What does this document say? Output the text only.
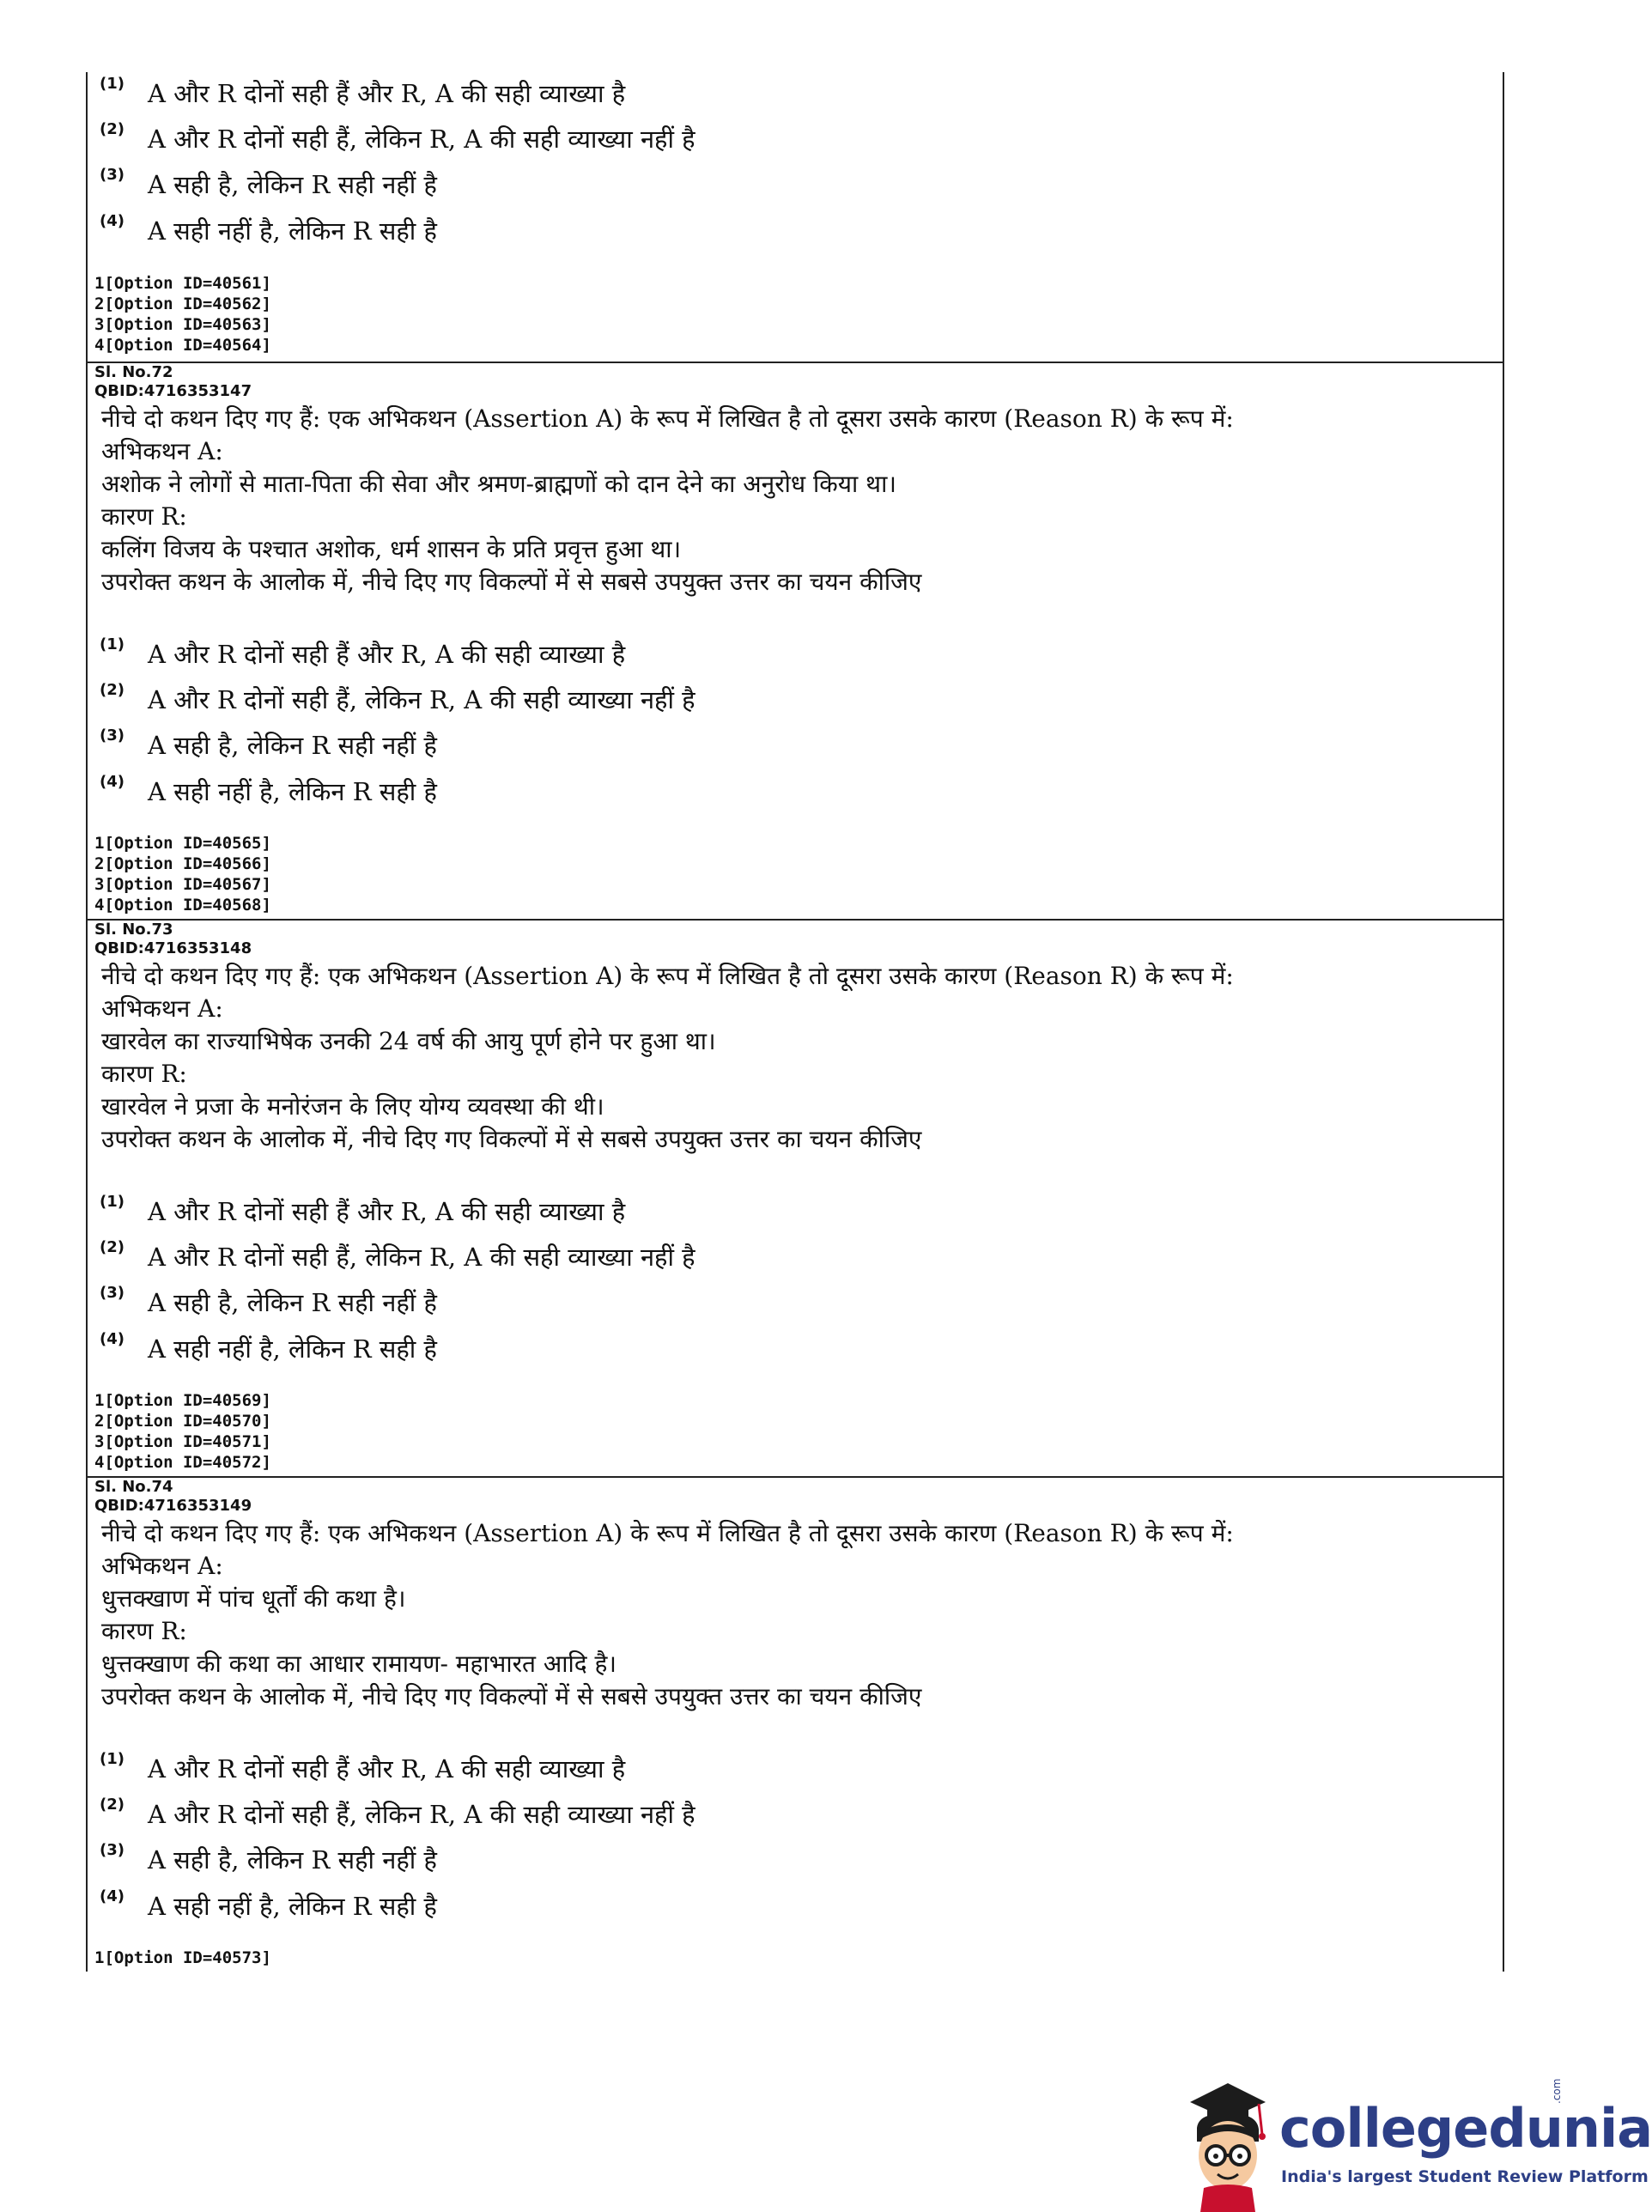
(1) A और R दोनों सही हैं और R, A की सही व्याख्या है
(2) A और R दोनों सही हैं, लेकिन R, A की सही व्याख्या नहीं है
(3) A सही है, लेकिन R सही नहीं है
(4) A सही नहीं है, लेकिन R सही है
1[Option ID=40561]
2[Option ID=40562]
3[Option ID=40563]
4[Option ID=40564]
Sl. No.72
QBID:4716353147
नीचे दो कथन दिए गए हैं: एक अभिकथन (Assertion A) के रूप में लिखित है तो दूसरा उसके कारण (Reason R) के रूप में:
अभिकथन A:
अशोक ने लोगों से माता-पिता की सेवा और श्रमण-ब्राह्मणों को दान देने का अनुरोध किया था।
कारण R:
कलिंग विजय के पश्चात अशोक, धर्म शासन के प्रति प्रवृत्त हुआ था।
उपरोक्त कथन के आलोक में, नीचे दिए गए विकल्पों में से सबसे उपयुक्त उत्तर का चयन कीजिए
(1) A और R दोनों सही हैं और R, A की सही व्याख्या है
(2) A और R दोनों सही हैं, लेकिन R, A की सही व्याख्या नहीं है
(3) A सही है, लेकिन R सही नहीं है
(4) A सही नहीं है, लेकिन R सही है
1[Option ID=40565]
2[Option ID=40566]
3[Option ID=40567]
4[Option ID=40568]
Sl. No.73
QBID:4716353148
नीचे दो कथन दिए गए हैं: एक अभिकथन (Assertion A) के रूप में लिखित है तो दूसरा उसके कारण (Reason R) के रूप में:
अभिकथन A:
खारवेल का राज्याभिषेक उनकी 24 वर्ष की आयु पूर्ण होने पर हुआ था।
कारण R:
खारवेल ने प्रजा के मनोरंजन के लिए योग्य व्यवस्था की थी।
उपरोक्त कथन के आलोक में, नीचे दिए गए विकल्पों में से सबसे उपयुक्त उत्तर का चयन कीजिए
(1) A और R दोनों सही हैं और R, A की सही व्याख्या है
(2) A और R दोनों सही हैं, लेकिन R, A की सही व्याख्या नहीं है
(3) A सही है, लेकिन R सही नहीं है
(4) A सही नहीं है, लेकिन R सही है
1[Option ID=40569]
2[Option ID=40570]
3[Option ID=40571]
4[Option ID=40572]
Sl. No.74
QBID:4716353149
नीचे दो कथन दिए गए हैं: एक अभिकथन (Assertion A) के रूप में लिखित है तो दूसरा उसके कारण (Reason R) के रूप में:
अभिकथन A:
धुत्तक्खाण में पांच धूर्तों की कथा है।
कारण R:
धुत्तक्खाण की कथा का आधार रामायण- महाभारत आदि है।
उपरोक्त कथन के आलोक में, नीचे दिए गए विकल्पों में से सबसे उपयुक्त उत्तर का चयन कीजिए
(1) A और R दोनों सही हैं और R, A की सही व्याख्या है
(2) A और R दोनों सही हैं, लेकिन R, A की सही व्याख्या नहीं है
(3) A सही है, लेकिन R सही नहीं है
(4) A सही नहीं है, लेकिन R सही है
1[Option ID=40573]
collegedunia
.com
India's largest Student Review Platform
